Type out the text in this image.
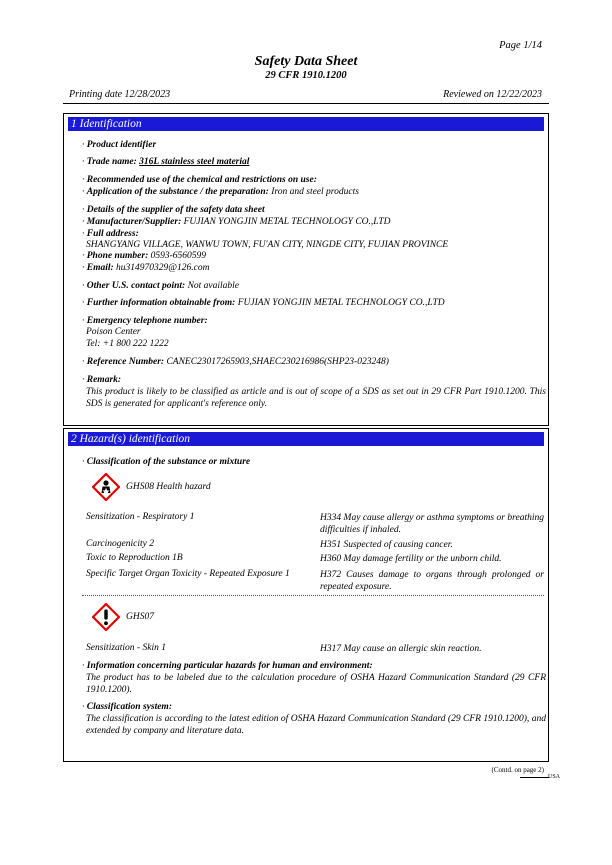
Page 1/14
Safety Data Sheet
29 CFR 1910.1200
Printing date 12/28/2023	Reviewed on 12/22/2023
1 Identification
· Product identifier
· Trade name: 316L stainless steel material
· Recommended use of the chemical and restrictions on use:
· Application of the substance / the preparation: Iron and steel products
· Details of the supplier of the safety data sheet
· Manufacturer/Supplier: FUJIAN YONGJIN METAL TECHNOLOGY CO.,LTD
· Full address:
SHANGYANG VILLAGE, WANWU TOWN, FU'AN CITY, NINGDE CITY, FUJIAN PROVINCE
· Phone number: 0593-6560599
· Email: hu314970329@126.com
· Other U.S. contact point: Not available
· Further information obtainable from: FUJIAN YONGJIN METAL TECHNOLOGY CO.,LTD
· Emergency telephone number:
Poison Center
Tel: +1 800 222 1222
· Reference Number: CANEC23017265903,SHAEC230216986(SHP23-023248)
· Remark:
This product is likely to be classified as article and is out of scope of a SDS as set out in 29 CFR Part 1910.1200. This SDS is generated for applicant's reference only.
2 Hazard(s) identification
· Classification of the substance or mixture
GHS08 Health hazard
Sensitization - Respiratory 1	H334 May cause allergy or asthma symptoms or breathing difficulties if inhaled.
Carcinogenicity 2	H351 Suspected of causing cancer.
Toxic to Reproduction 1B	H360 May damage fertility or the unborn child.
Specific Target Organ Toxicity - Repeated Exposure 1	H372 Causes damage to organs through prolonged or repeated exposure.
GHS07
Sensitization - Skin 1	H317 May cause an allergic skin reaction.
· Information concerning particular hazards for human and environment:
The product has to be labeled due to the calculation procedure of OSHA Hazard Communication Standard (29 CFR 1910.1200).
· Classification system:
The classification is according to the latest edition of OSHA Hazard Communication Standard (29 CFR 1910.1200), and extended by company and literature data.
(Contd. on page 2)
USA
